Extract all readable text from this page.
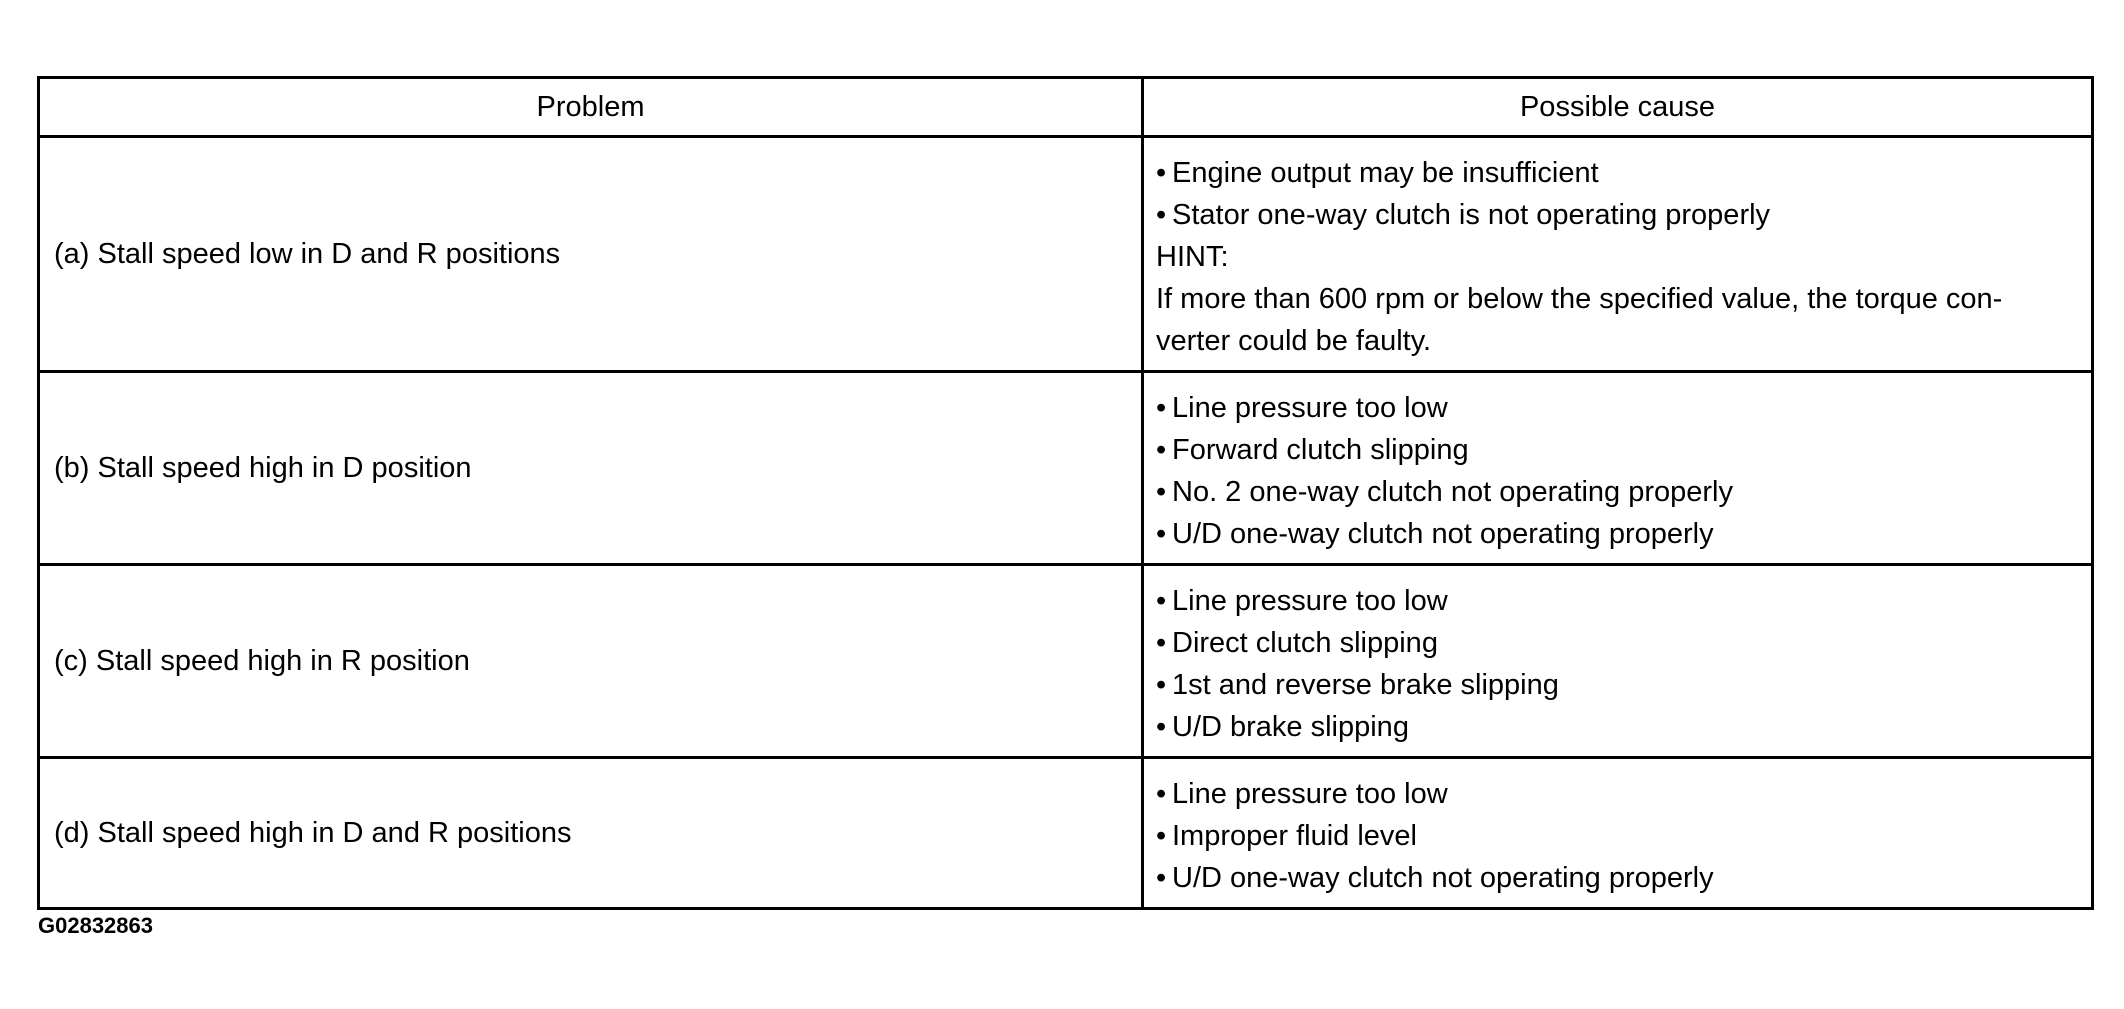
Problem	Possible cause
(a) Stall speed low in D and R positions	• Engine output may be insufficient
• Stator one-way clutch is not operating properly
HINT:
If more than 600 rpm or below the specified value, the torque con-
verter could be faulty.

(b) Stall speed high in D position	• Line pressure too low
• Forward clutch slipping
• No. 2 one-way clutch not operating properly
• U/D one-way clutch not operating properly

(c) Stall speed high in R position	• Line pressure too low
• Direct clutch slipping
• 1st and reverse brake slipping
• U/D brake slipping

(d) Stall speed high in D and R positions	• Line pressure too low
• Improper fluid level
• U/D one-way clutch not operating properly
G02832863
